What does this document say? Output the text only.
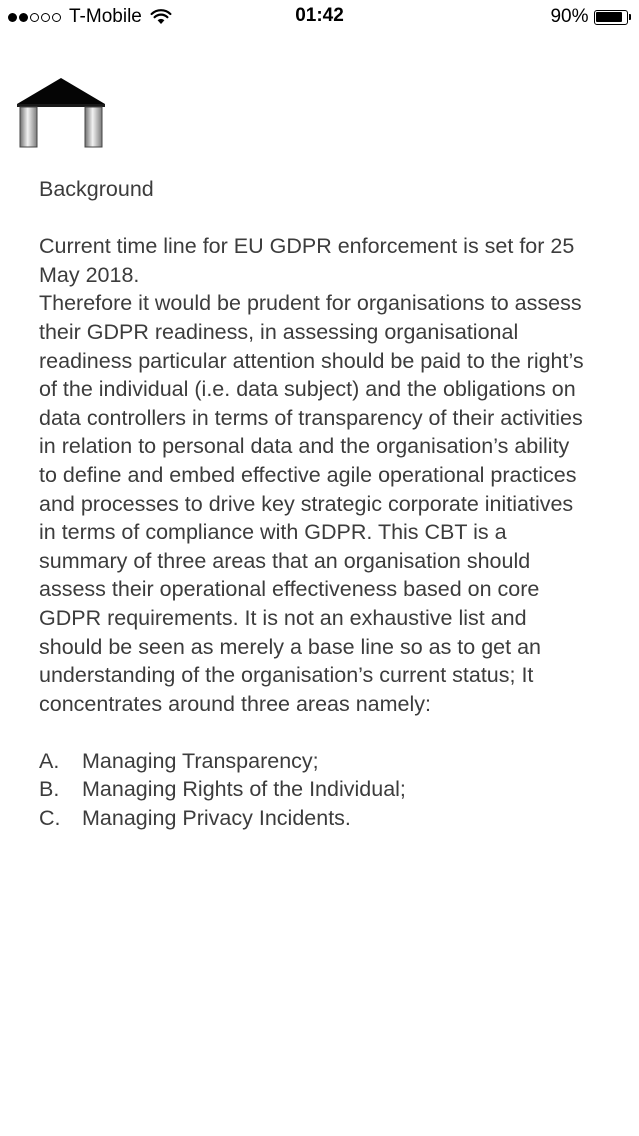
T-Mobile	01:42	90%

Background

Current time line for EU GDPR enforcement is set for 25 May 2018.

Therefore it would be prudent for organisations to assess their GDPR readiness, in assessing organisational readiness particular attention should be paid to the right’s of the individual (i.e. data subject) and the obligations on data controllers in terms of transparency of their activities in relation to personal data and the organisation’s ability to define and embed effective agile operational practices and processes to drive key strategic corporate initiatives in terms of compliance with GDPR. This CBT is a summary of three areas that an organisation should assess their operational effectiveness based on core GDPR requirements. It is not an exhaustive list and should be seen as merely a base line so as to get an understanding of the organisation’s current status; It concentrates around three areas namely:

A.	Managing Transparency;
B.	Managing Rights of the Individual;
C.	Managing Privacy Incidents.
